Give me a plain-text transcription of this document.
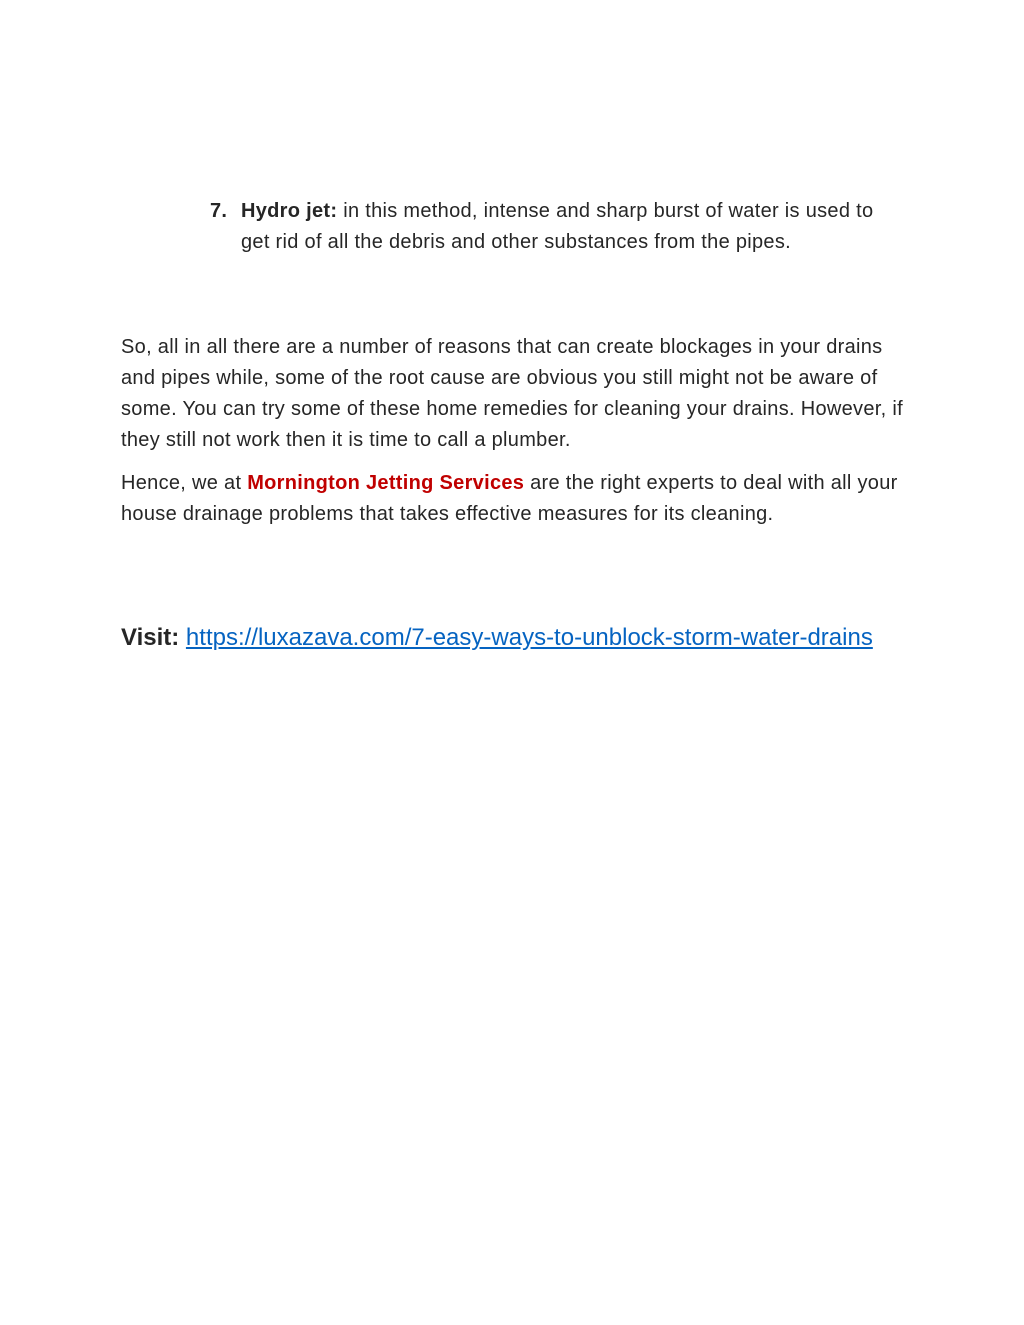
7. Hydro jet: in this method, intense and sharp burst of water is used to get rid of all the debris and other substances from the pipes.

So, all in all there are a number of reasons that can create blockages in your drains and pipes while, some of the root cause are obvious you still might not be aware of some. You can try some of these home remedies for cleaning your drains. However, if they still not work then it is time to call a plumber.

Hence, we at Mornington Jetting Services are the right experts to deal with all your house drainage problems that takes effective measures for its cleaning.

Visit: https://luxazava.com/7-easy-ways-to-unblock-storm-water-drains
